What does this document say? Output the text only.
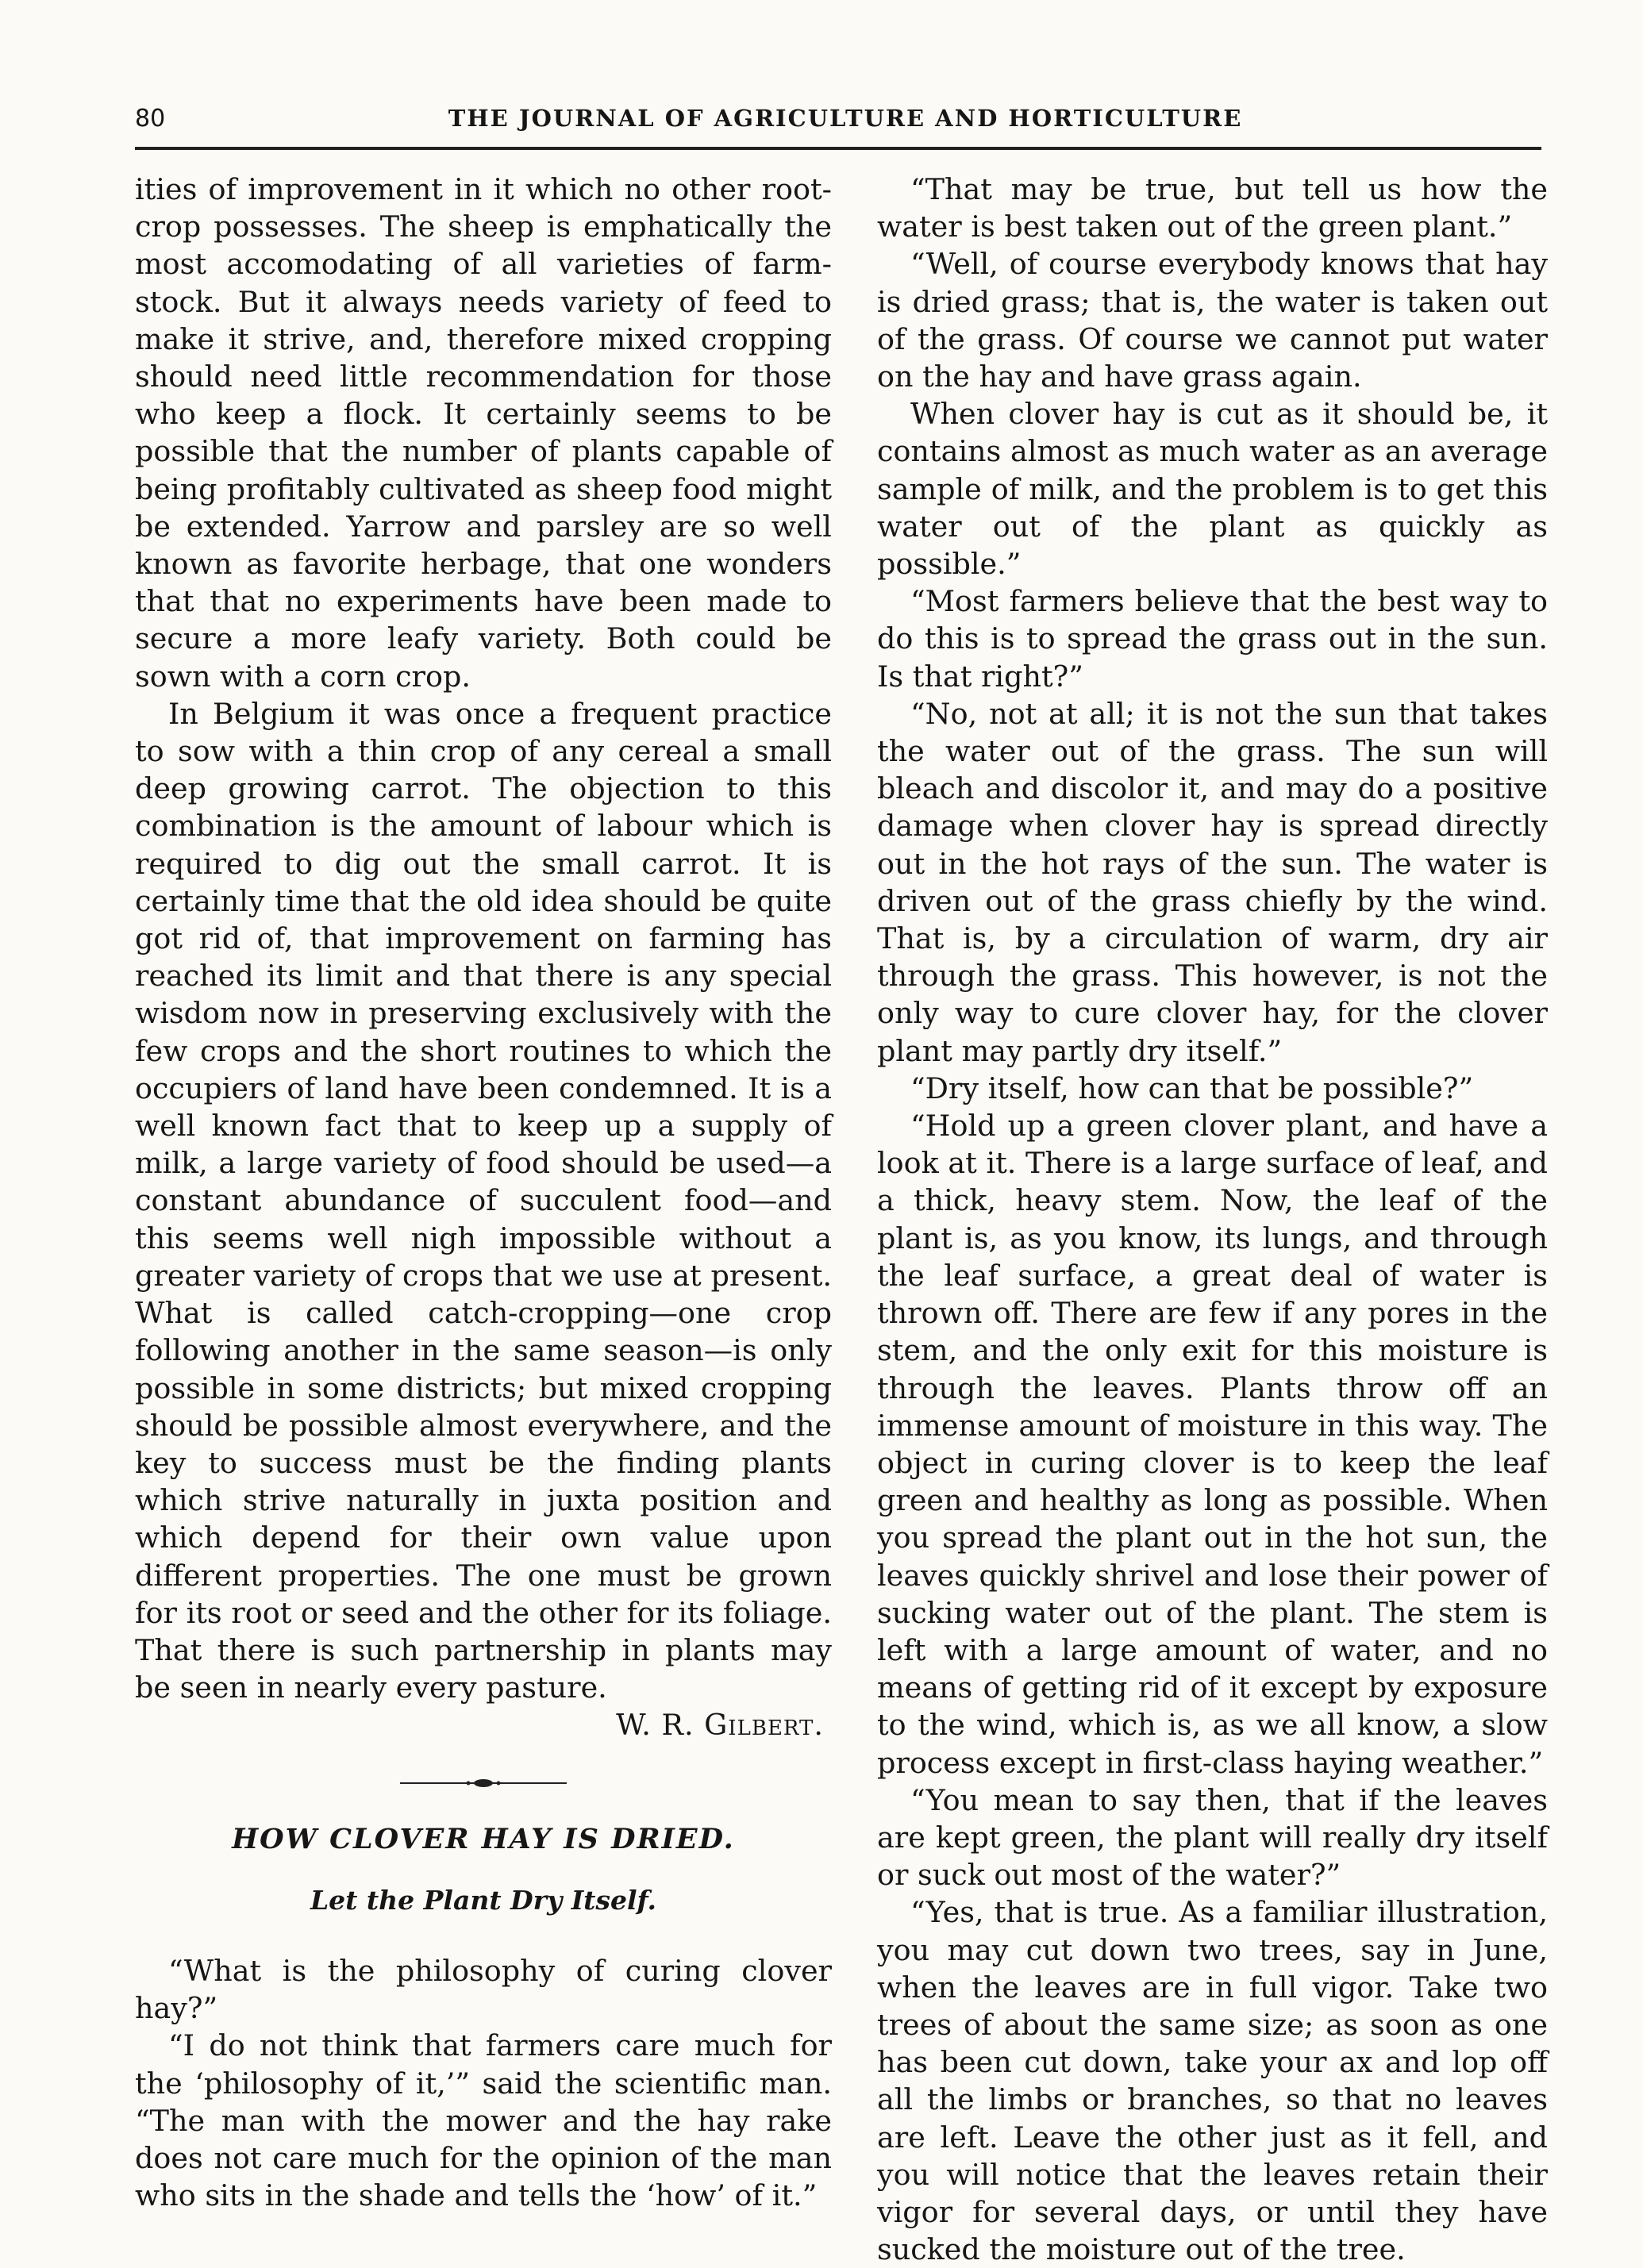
80	THE JOURNAL OF AGRICULTURE AND HORTICULTURE

ities of improvement in it which no other root-crop possesses. The sheep is emphatically the most accomodating of all varieties of farm-stock. But it always needs variety of feed to make it strive, and, therefore mixed cropping should need little recommendation for those who keep a flock. It certainly seems to be possible that the number of plants capable of being profitably cultivated as sheep food might be extended. Yarrow and parsley are so well known as favorite herbage, that one wonders that that no experiments have been made to secure a more leafy variety. Both could be sown with a corn crop.

In Belgium it was once a frequent practice to sow with a thin crop of any cereal a small deep growing carrot. The objection to this combination is the amount of labour which is required to dig out the small carrot. It is certainly time that the old idea should be quite got rid of, that improvement on farming has reached its limit and that there is any special wisdom now in preserving exclusively with the few crops and the short routines to which the occupiers of land have been condemned. It is a well known fact that to keep up a supply of milk, a large variety of food should be used—a constant abundance of succulent food—and this seems well nigh impossible without a greater variety of crops that we use at present. What is called catch-cropping—one crop following another in the same season—is only possible in some districts; but mixed cropping should be possible almost everywhere, and the key to success must be the finding plants which strive naturally in juxta position and which depend for their own value upon different properties. The one must be grown for its root or seed and the other for its foliage. That there is such partnership in plants may be seen in nearly every pasture.

W. R. Gilbert.

HOW CLOVER HAY IS DRIED.
Let the Plant Dry Itself.

“What is the philosophy of curing clover hay?”

“I do not think that farmers care much for the ‘philosophy of it,’” said the scientific man. “The man with the mower and the hay rake does not care much for the opinion of the man who sits in the shade and tells the ‘how’ of it.”

“That may be true, but tell us how the water is best taken out of the green plant.”

“Well, of course everybody knows that hay is dried grass; that is, the water is taken out of the grass. Of course we cannot put water on the hay and have grass again.

When clover hay is cut as it should be, it contains almost as much water as an average sample of milk, and the problem is to get this water out of the plant as quickly as possible.”

“Most farmers believe that the best way to do this is to spread the grass out in the sun. Is that right?”

“No, not at all; it is not the sun that takes the water out of the grass. The sun will bleach and discolor it, and may do a positive damage when clover hay is spread directly out in the hot rays of the sun. The water is driven out of the grass chiefly by the wind. That is, by a circulation of warm, dry air through the grass. This however, is not the only way to cure clover hay, for the clover plant may partly dry itself.”

“Dry itself, how can that be possible?”

“Hold up a green clover plant, and have a look at it. There is a large surface of leaf, and a thick, heavy stem. Now, the leaf of the plant is, as you know, its lungs, and through the leaf surface, a great deal of water is thrown off. There are few if any pores in the stem, and the only exit for this moisture is through the leaves. Plants throw off an immense amount of moisture in this way. The object in curing clover is to keep the leaf green and healthy as long as possible. When you spread the plant out in the hot sun, the leaves quickly shrivel and lose their power of sucking water out of the plant. The stem is left with a large amount of water, and no means of getting rid of it except by exposure to the wind, which is, as we all know, a slow process except in first-class haying weather.”

“You mean to say then, that if the leaves are kept green, the plant will really dry itself or suck out most of the water?”

“Yes, that is true. As a familiar illustration, you may cut down two trees, say in June, when the leaves are in full vigor. Take two trees of about the same size; as soon as one has been cut down, take your ax and lop off all the limbs or branches, so that no leaves are left. Leave the other just as it fell, and you will notice that the leaves retain their vigor for several days, or until they have sucked the moisture out of the tree.
